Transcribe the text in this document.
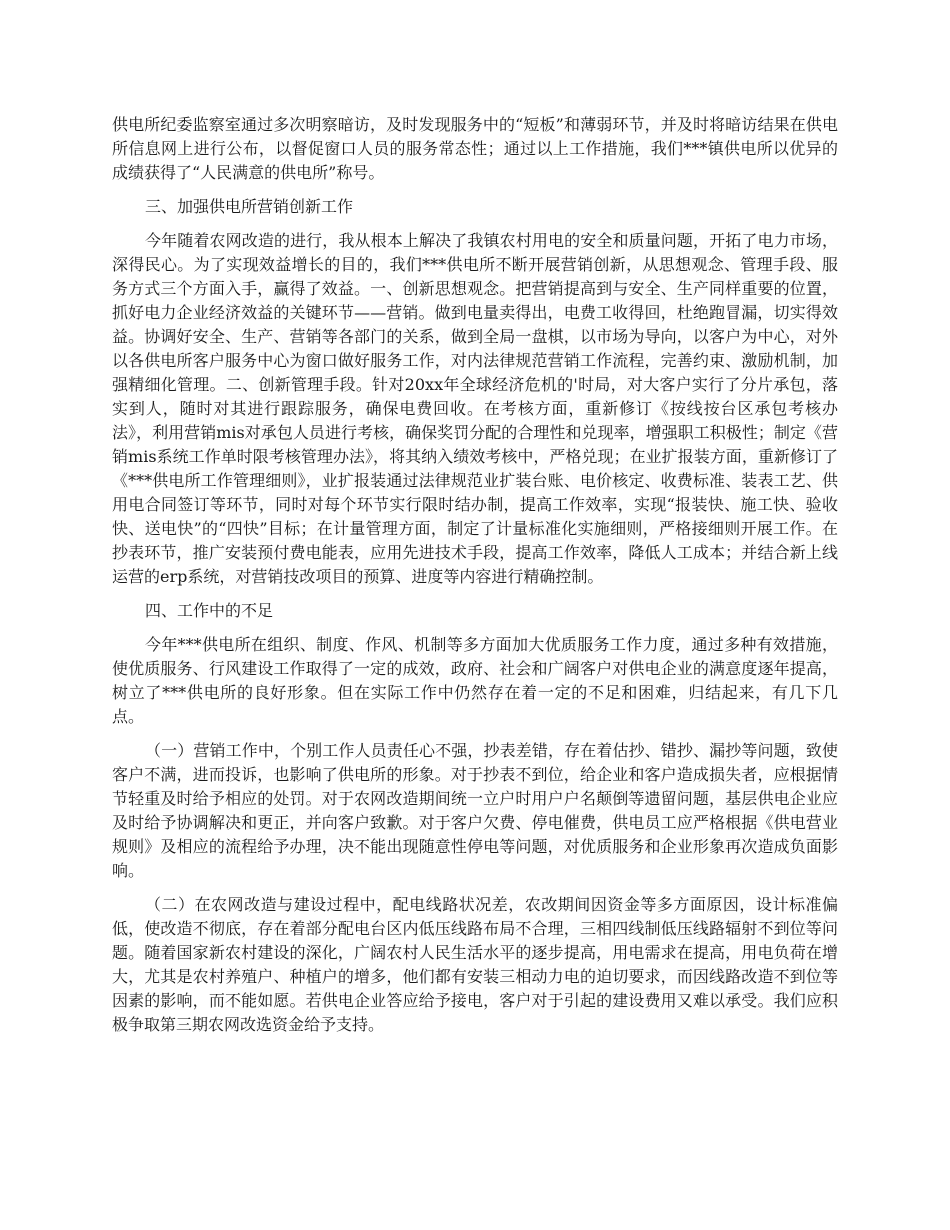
供电所纪委监察室通过多次明察暗访，及时发现服务中的“短板”和薄弱环节，并及时将暗访结果在供电所信息网上进行公布，以督促窗口人员的服务常态性；通过以上工作措施，我们***镇供电所以优异的成绩获得了“人民满意的供电所”称号。

三、加强供电所营销创新工作

今年随着农网改造的进行，我从根本上解决了我镇农村用电的安全和质量问题，开拓了电力市场，深得民心。为了实现效益增长的目的，我们***供电所不断开展营销创新，从思想观念、管理手段、服务方式三个方面入手，赢得了效益。一、创新思想观念。把营销提高到与安全、生产同样重要的位置，抓好电力企业经济效益的关键环节——营销。做到电量卖得出，电费工收得回，杜绝跑冒漏，切实得效益。协调好安全、生产、营销等各部门的关系，做到全局一盘棋，以市场为导向，以客户为中心，对外以各供电所客户服务中心为窗口做好服务工作，对内法律规范营销工作流程，完善约束、激励机制，加强精细化管理。二、创新管理手段。针对20xx年全球经济危机的'时局，对大客户实行了分片承包，落实到人，随时对其进行跟踪服务，确保电费回收。在考核方面，重新修订《按线按台区承包考核办法》，利用营销mis对承包人员进行考核，确保奖罚分配的合理性和兑现率，增强职工积极性；制定《营销mis系统工作单时限考核管理办法》，将其纳入绩效考核中，严格兑现；在业扩报装方面，重新修订了《***供电所工作管理细则》，业扩报装通过法律规范业扩装台账、电价核定、收费标准、装表工艺、供用电合同签订等环节，同时对每个环节实行限时结办制，提高工作效率，实现“报装快、施工快、验收快、送电快”的“四快”目标；在计量管理方面，制定了计量标准化实施细则，严格接细则开展工作。在抄表环节，推广安装预付费电能表，应用先进技术手段，提高工作效率，降低人工成本；并结合新上线运营的erp系统，对营销技改项目的预算、进度等内容进行精确控制。

四、工作中的不足

今年***供电所在组织、制度、作风、机制等多方面加大优质服务工作力度，通过多种有效措施，使优质服务、行风建设工作取得了一定的成效，政府、社会和广阔客户对供电企业的满意度逐年提高，树立了***供电所的良好形象。但在实际工作中仍然存在着一定的不足和困难，归结起来，有几下几点。

（一）营销工作中，个别工作人员责任心不强，抄表差错，存在着估抄、错抄、漏抄等问题，致使客户不满，进而投诉，也影响了供电所的形象。对于抄表不到位，给企业和客户造成损失者，应根据情节轻重及时给予相应的处罚。对于农网改造期间统一立户时用户户名颠倒等遗留问题，基层供电企业应及时给予协调解决和更正，并向客户致歉。对于客户欠费、停电催费，供电员工应严格根据《供电营业规则》及相应的流程给予办理，决不能出现随意性停电等问题，对优质服务和企业形象再次造成负面影响。

（二）在农网改造与建设过程中，配电线路状况差，农改期间因资金等多方面原因，设计标准偏低，使改造不彻底，存在着部分配电台区内低压线路布局不合理，三相四线制低压线路辐射不到位等问题。随着国家新农村建设的深化，广阔农村人民生活水平的逐步提高，用电需求在提高，用电负荷在增大，尤其是农村养殖户、种植户的增多，他们都有安装三相动力电的迫切要求，而因线路改造不到位等因素的影响，而不能如愿。若供电企业答应给予接电，客户对于引起的建设费用又难以承受。我们应积极争取第三期农网改选资金给予支持。
